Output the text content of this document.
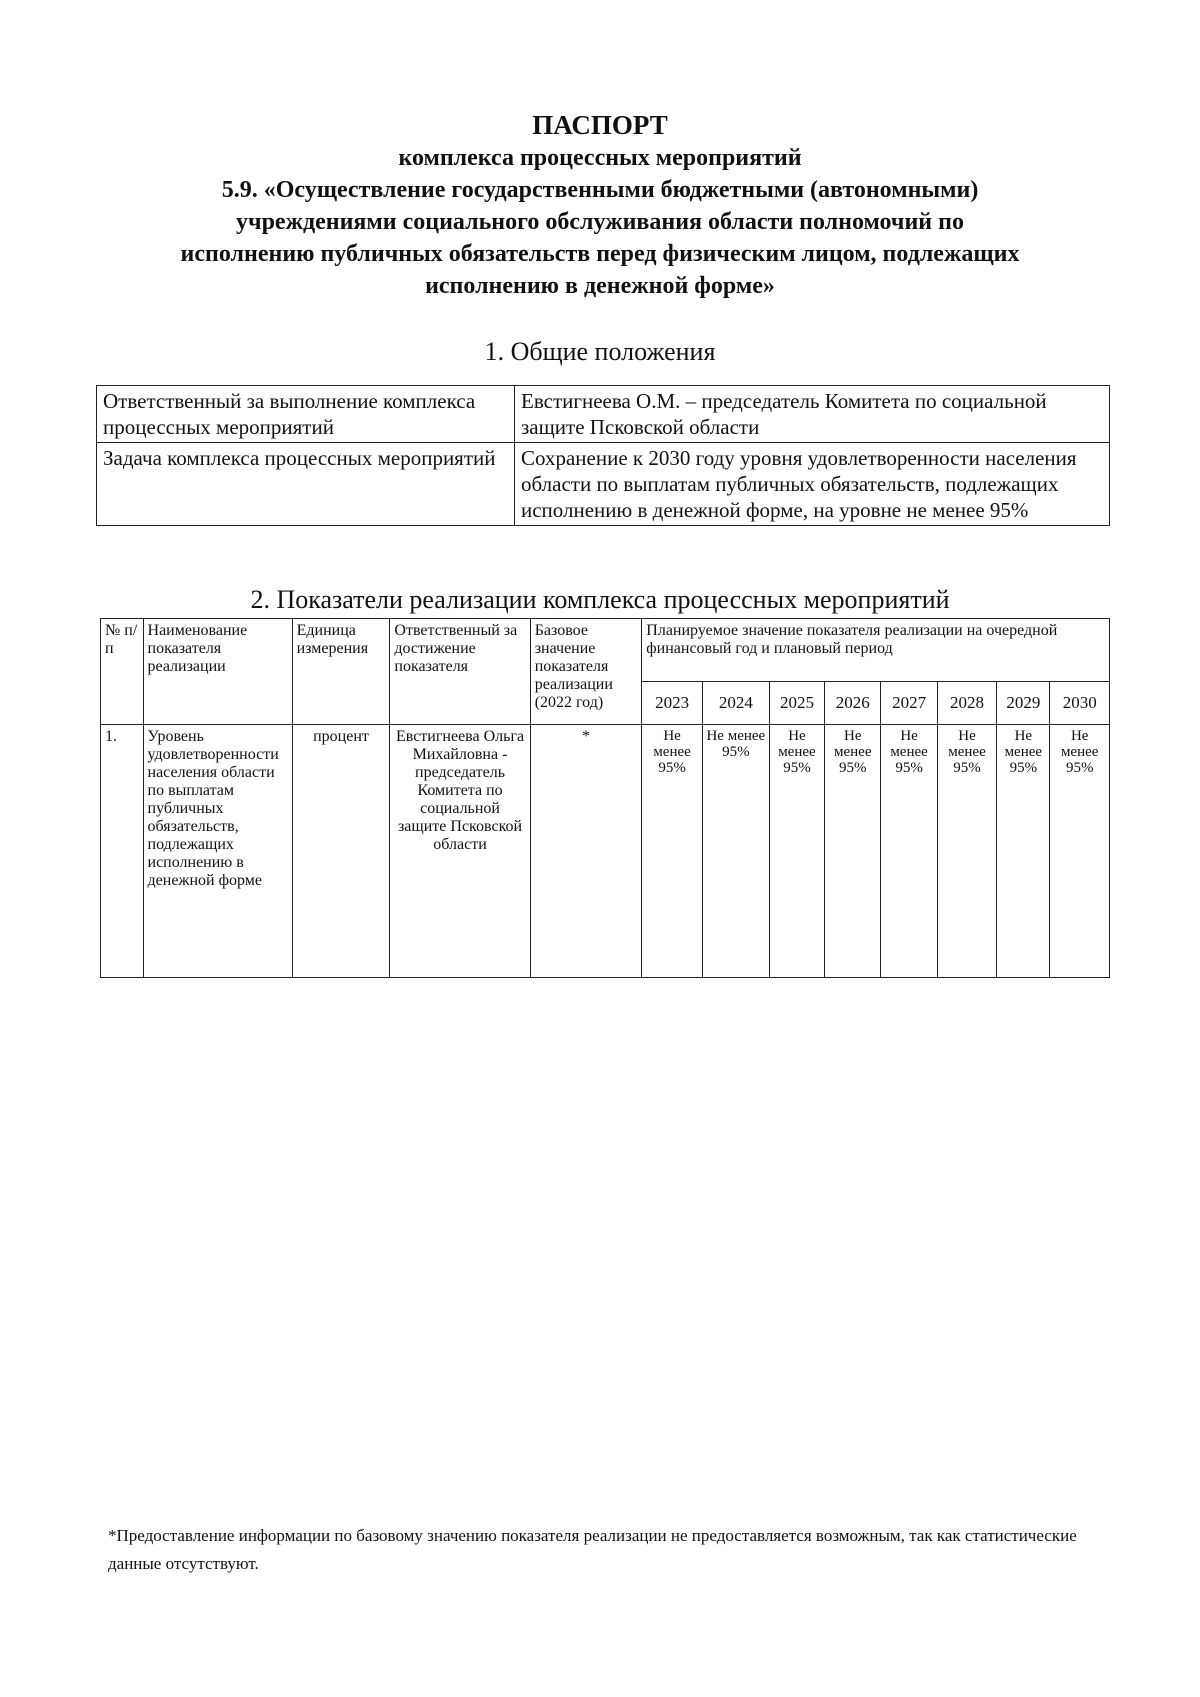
ПАСПОРТ
комплекса процессных мероприятий
5.9. «Осуществление государственными бюджетными (автономными)
учреждениями социального обслуживания области полномочий по
исполнению публичных обязательств перед физическим лицом, подлежащих
исполнению в денежной форме»
1. Общие положения
Ответственный за выполнение комплекса процессных мероприятий	Евстигнеева О.М. – председатель Комитета по социальной защите Псковской области
Задача комплекса процессных мероприятий	Сохранение к 2030 году уровня удовлетворенности населения области по выплатам публичных обязательств, подлежащих исполнению в денежной форме, на уровне не менее 95%
2. Показатели реализации комплекса процессных мероприятий
№ п/п	Наименование показателя реализации	Единица измерения	Ответственный за достижение показателя	Базовое значение показателя реализации (2022 год)	Планируемое значение показателя реализации на очередной финансовый год и плановый период							
					2023	2024	2025	2026	2027	2028	2029	2030
1.	Уровень удовлетворенности населения области по выплатам публичных обязательств, подлежащих исполнению в денежной форме	процент	Евстигнеева Ольга Михайловна - председатель Комитета по социальной защите Псковской области	*	Не менее 95%	Не менее 95%	Не менее 95%	Не менее 95%	Не менее 95%	Не менее 95%	Не менее 95%	Не менее 95%
*Предоставление информации по базовому значению показателя реализации не предоставляется возможным, так как статистические данные отсутствуют.
